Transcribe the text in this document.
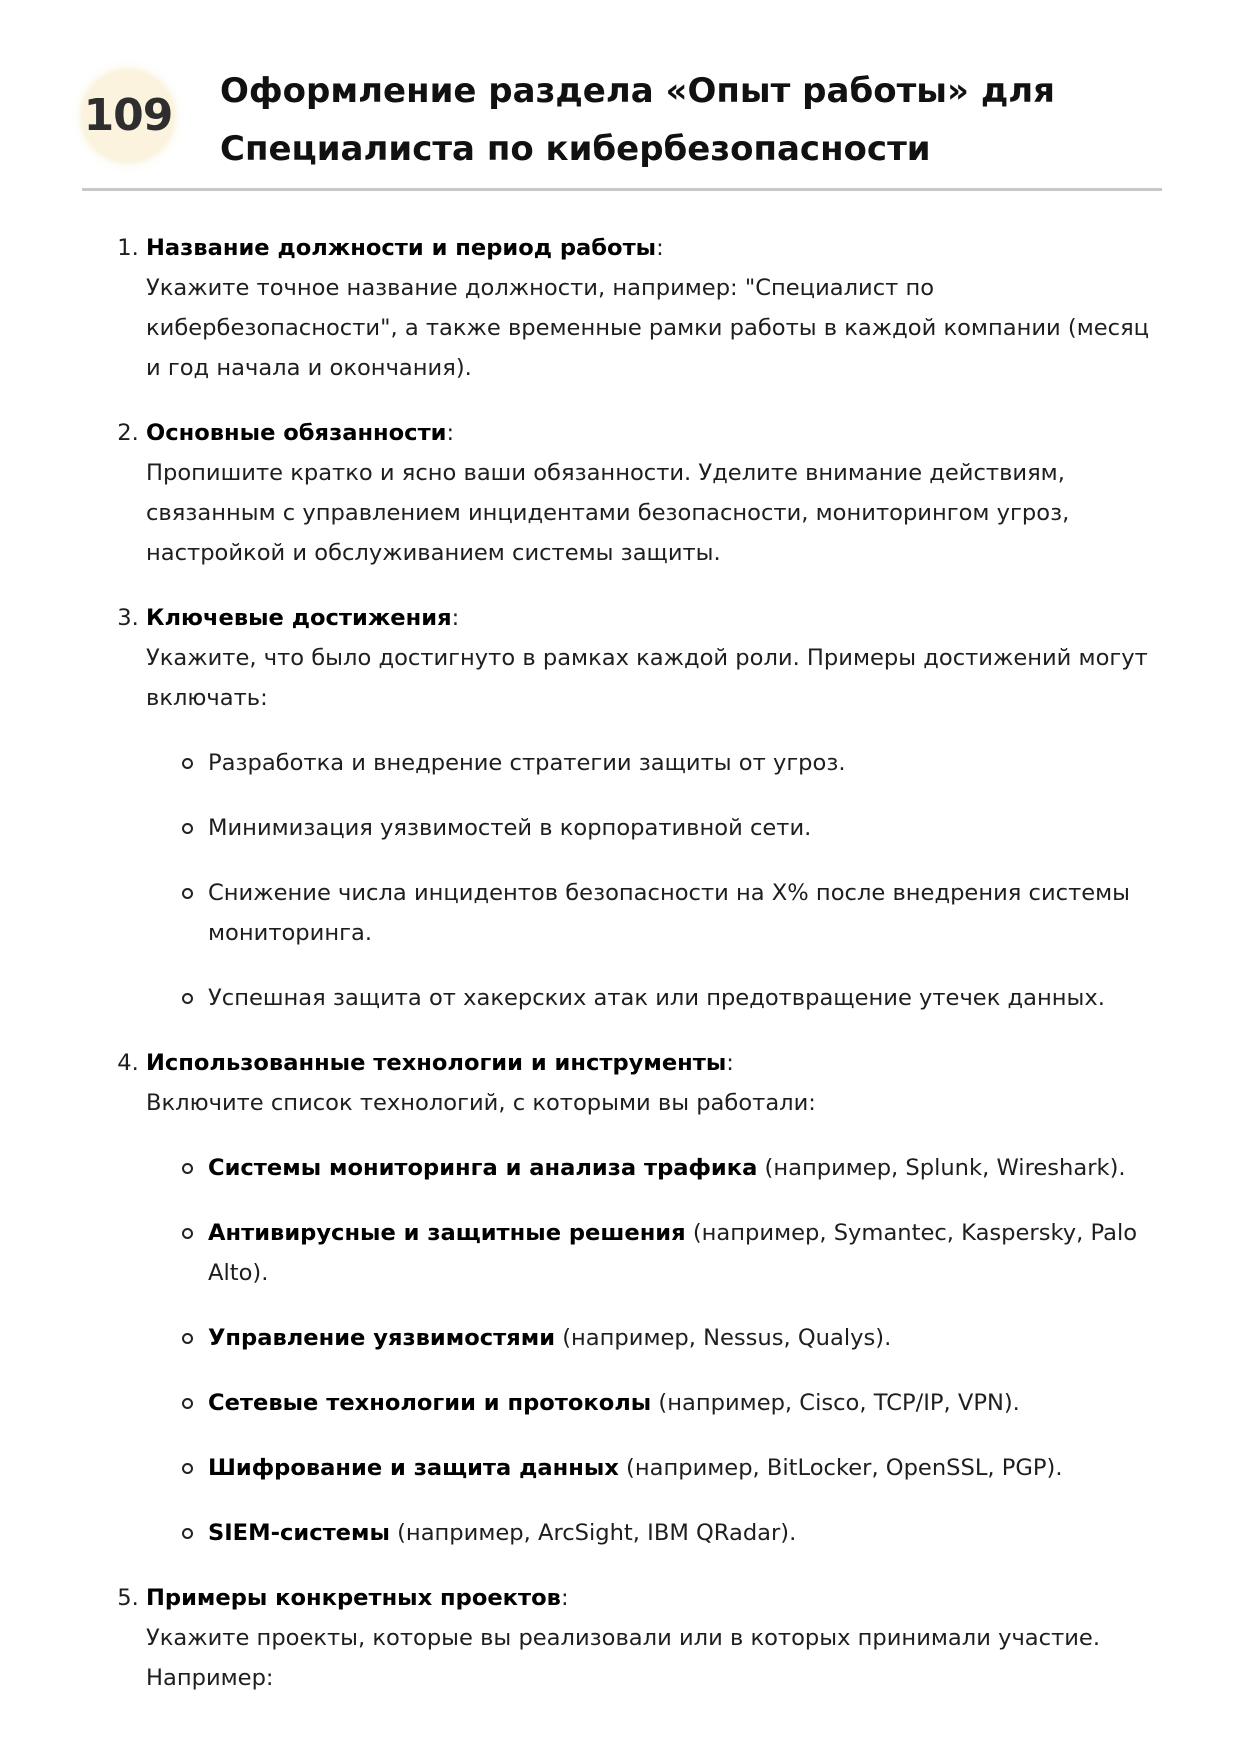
109 Оформление раздела «Опыт работы» для
Специалиста по кибербезопасности
1. Название должности и период работы:
Укажите точное название должности, например: "Специалист по кибербезопасности", а также временные рамки работы в каждой компании (месяц и год начала и окончания).
2. Основные обязанности:
Пропишите кратко и ясно ваши обязанности. Уделите внимание действиям, связанным с управлением инцидентами безопасности, мониторингом угроз, настройкой и обслуживанием системы защиты.
3. Ключевые достижения:
Укажите, что было достигнуто в рамках каждой роли. Примеры достижений могут включать:
Разработка и внедрение стратегии защиты от угроз.
Минимизация уязвимостей в корпоративной сети.
Снижение числа инцидентов безопасности на X% после внедрения системы мониторинга.
Успешная защита от хакерских атак или предотвращение утечек данных.
4. Использованные технологии и инструменты:
Включите список технологий, с которыми вы работали:
Системы мониторинга и анализа трафика (например, Splunk, Wireshark).
Антивирусные и защитные решения (например, Symantec, Kaspersky, Palo Alto).
Управление уязвимостями (например, Nessus, Qualys).
Сетевые технологии и протоколы (например, Cisco, TCP/IP, VPN).
Шифрование и защита данных (например, BitLocker, OpenSSL, PGP).
SIEM-системы (например, ArcSight, IBM QRadar).
5. Примеры конкретных проектов:
Укажите проекты, которые вы реализовали или в которых принимали участие. Например:
